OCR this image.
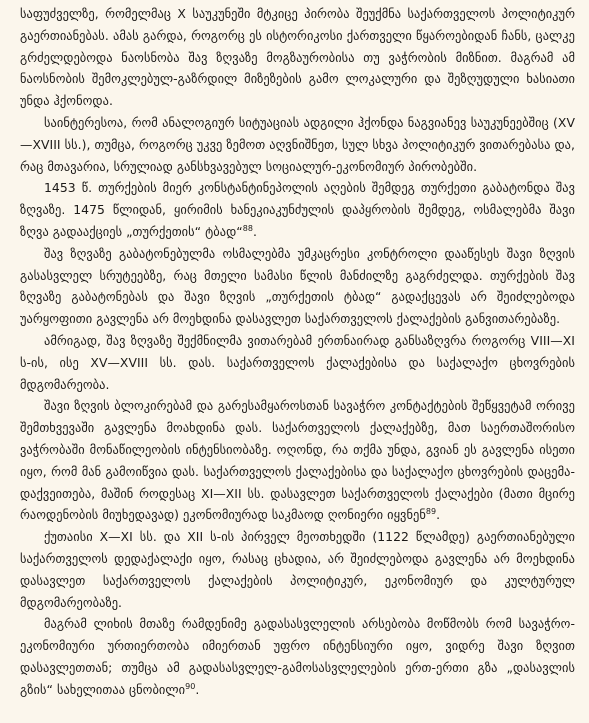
საფუძველზე, რომელმაც X საუკუნეში მტკიცე პირობა შეუქმნა საქართველოს პოლიტიკურ გაერთიანებას. ამას გარდა, როგორც ეს ისტორიკოსი ქართველი წყაროებიდან ჩანს, ცალკე გრძელდებოდა ნაოსნობა შავ ზღვაზე მოგზაურობისა თუ ვაჭრობის მიზნით. მაგრამ ამ ნაოსნობის შემოკლებულ-გაზრდილ მიზეზების გამო ლოკალური და შეზღუდული ხასიათი უნდა ჰქონოდა.

საინტერესოა, რომ ანალოგიურ სიტუაციას ადგილი ჰქონდა ნაგვიანევ საუკუნეებშიც (XV—XVIII სს.), თუმცა, როგორც უკვე ზემოთ აღვნიშნეთ, სულ სხვა პოლიტიკურ ვითარებასა და, რაც მთავარია, სრულიად განსხვავებულ სოციალურ-ეკონომიურ პირობებში.

1453 წ. თურქების მიერ კონსტანტინეპოლის აღების შემდეგ თურქეთი გაბატონდა შავ ზღვაზე. 1475 წლიდან, ყირიმის ხანეკიაკუნძულის დაპყრობის შემდეგ, ოსმალებმა შავი ზღვა გადააქციეს „თურქეთის“ ტბად“$^{88}$.

შავ ზღვაზე გაბატონებულმა ოსმალებმა უმკაცრესი კონტროლი დააწესეს შავი ზღვის გასასვლელ სრუტეებზე, რაც მთელი სამასი წლის მანძილზე გაგრძელდა. თურქების შავ ზღვაზე გაბატონებას და შავი ზღვის „თურქეთის ტბად“ გადაქცევას არ შეიძლებოდა უარყოფითი გავლენა არ მოეხდინა დასავლეთ საქართველოს ქალაქების განვითარებაზე.

ამრიგად, შავ ზღვაზე შექმნილმა ვითარებამ ერთნაირად განსაზღვრა როგორც VIII—XI ს-ის, ისე XV—XVIII სს. დას. საქართველოს ქალაქებისა და საქალაქო ცხოვრების მდგომარეობა.

შავი ზღვის ბლოკირებამ და გარესამყაროსთან სავაჭრო კონტაქტების შეწყვეტამ ორივე შემთხვევაში გავლენა მოახდინა დას. საქართველოს ქალაქებზე, მათ საერთაშორისო ვაჭრობაში მონაწილეობის ინტენსიობაზე. ოღონდ, რა თქმა უნდა, გვიან ეს გავლენა ისეთი იყო, რომ მან გამოიწვია დას. საქართველოს ქალაქებისა და საქალაქო ცხოვრების დაცემა-დაქვეითება, მაშინ როდესაც XI—XII სს. დასავლეთ საქართველოს ქალაქები (მათი მცირე რაოდენობის მიუხედავად) ეკონომიურად საკმაოდ ღონიერი იყვნენ$^{89}$.

ქუთაისი X—XI სს. და XII ს-ის პირველ მეოთხედში (1122 წლამდე) გაერთიანებული საქართველოს დედაქალაქი იყო, რასაც ცხადია, არ შეიძლებოდა გავლენა არ მოეხდინა დასავლეთ საქართველოს ქალაქების პოლიტიკურ, ეკონომიურ და კულტურულ მდგომარეობაზე.

მაგრამ ლიხის მთაზე რამდენიმე გადასასვლელის არსებობა მოწმობს რომ სავაჭრო-ეკონომიური ურთიერთობა იმიერთან უფრო ინტენსიური იყო, ვიდრე შავი ზღვით დასავლეთთან; თუმცა ამ გადასასვლელ-გამოსასვლელების ერთ-ერთი გზა „დასავლის გზის“ სახელითაა ცნობილი$^{90}$.
